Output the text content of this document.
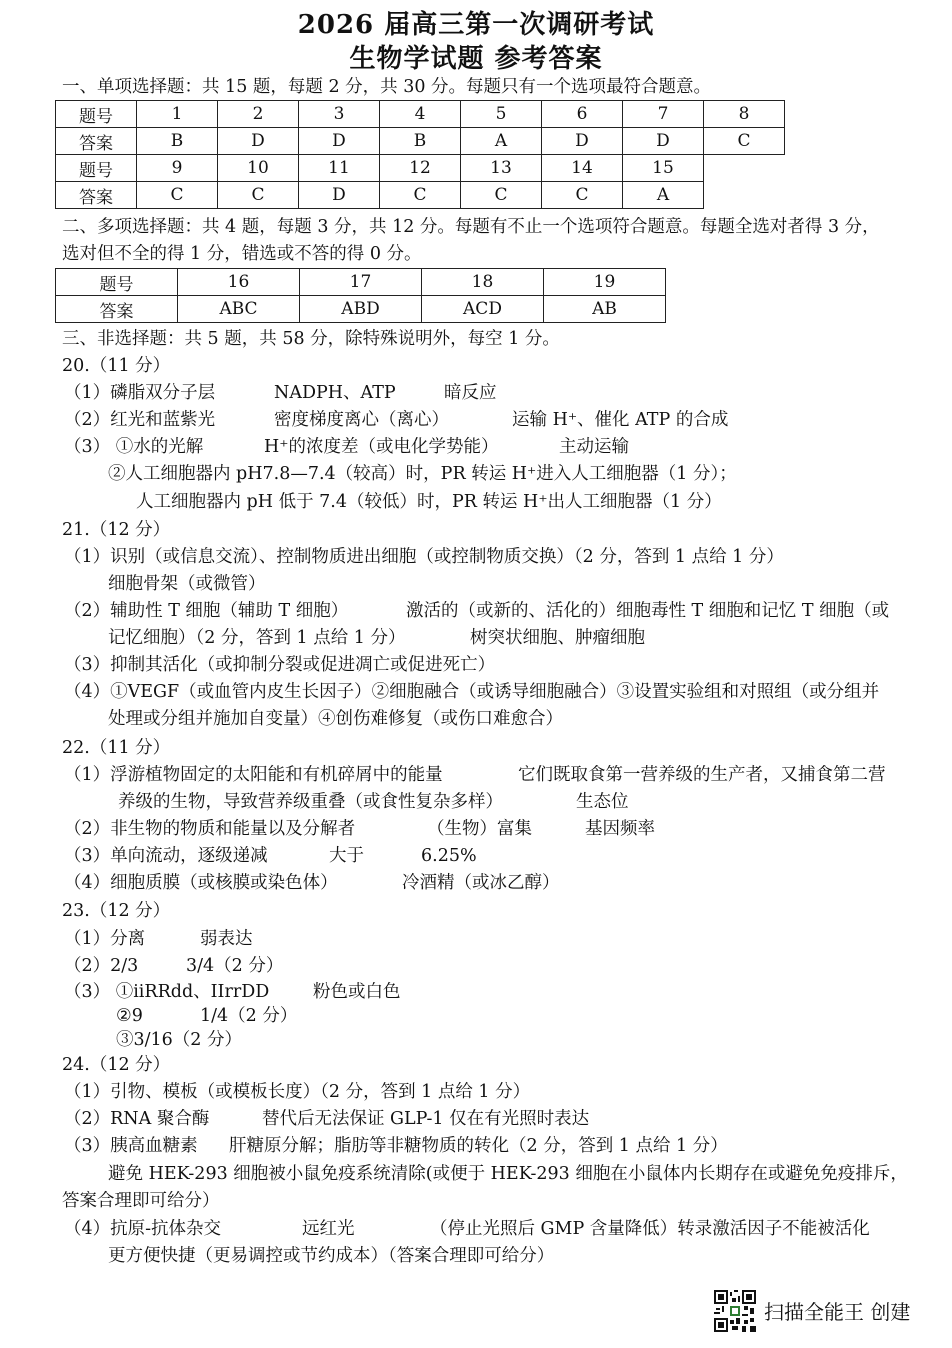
2026 届高三第一次调研考试
生物学试题 参考答案
一、单项选择题：共 15 题，每题 2 分，共 30 分。每题只有一个选项最符合题意。
题号	1	2	3	4	5	6	7	8
答案	B	D	D	B	A	D	D	C
题号	9	10	11	12	13	14	15	
答案	C	C	D	C	C	C	A	
二、多项选择题：共 4 题，每题 3 分，共 12 分。每题有不止一个选项符合题意。每题全选对者得 3 分，
选对但不全的得 1 分，错选或不答的得 0 分。
题号	16	17	18	19
答案	ABC	ABD	ACD	AB
三、非选择题：共 5 题，共 58 分，除特殊说明外，每空 1 分。
20.（11 分）
（1）磷脂双分子层	NADPH、ATP	暗反应
（2）红光和蓝紫光	密度梯度离心（离心）	运输 H⁺、催化 ATP 的合成
（3） ①水的光解	H⁺的浓度差（或电化学势能）	主动运输
②人工细胞器内 pH7.8—7.4（较高）时，PR 转运 H⁺进入人工细胞器（1 分）；
人工细胞器内 pH 低于 7.4（较低）时，PR 转运 H⁺出人工细胞器（1 分）
21.（12 分）
（1）识别（或信息交流）、控制物质进出细胞（或控制物质交换）（2 分，答到 1 点给 1 分）
细胞骨架（或微管）
（2）辅助性 T 细胞（辅助 T 细胞）	激活的（或新的、活化的）细胞毒性 T 细胞和记忆 T 细胞（或
记忆细胞）（2 分，答到 1 点给 1 分）	树突状细胞、肿瘤细胞
（3）抑制其活化（或抑制分裂或促进凋亡或促进死亡）
（4）①VEGF（或血管内皮生长因子）②细胞融合（或诱导细胞融合）③设置实验组和对照组（或分组并
处理或分组并施加自变量）④创伤难修复（或伤口难愈合）
22.（11 分）
（1）浮游植物固定的太阳能和有机碎屑中的能量	它们既取食第一营养级的生产者，又捕食第二营
养级的生物，导致营养级重叠（或食性复杂多样）	生态位
（2）非生物的物质和能量以及分解者	（生物）富集	基因频率
（3）单向流动，逐级递减	大于	6.25%
（4）细胞质膜（或核膜或染色体）	冷酒精（或冰乙醇）
23.（12 分）
（1）分离	弱表达
（2）2/3	3/4（2 分）
（3） ①iiRRdd、IIrrDD 粉色或白色
②9	1/4（2 分）
③3/16（2 分）
24.（12 分）
（1）引物、模板（或模板长度）（2 分，答到 1 点给 1 分）
（2）RNA 聚合酶	替代后无法保证 GLP-1 仅在有光照时表达
（3）胰高血糖素 肝糖原分解；脂肪等非糖物质的转化（2 分，答到 1 点给 1 分）
避免 HEK-293 细胞被小鼠免疫系统清除(或便于 HEK-293 细胞在小鼠体内长期存在或避免免疫排斥，
答案合理即可给分）
（4）抗原-抗体杂交	远红光	（停止光照后 GMP 含量降低）转录激活因子不能被活化
更方便快捷（更易调控或节约成本）（答案合理即可给分）
扫描全能王 创建
